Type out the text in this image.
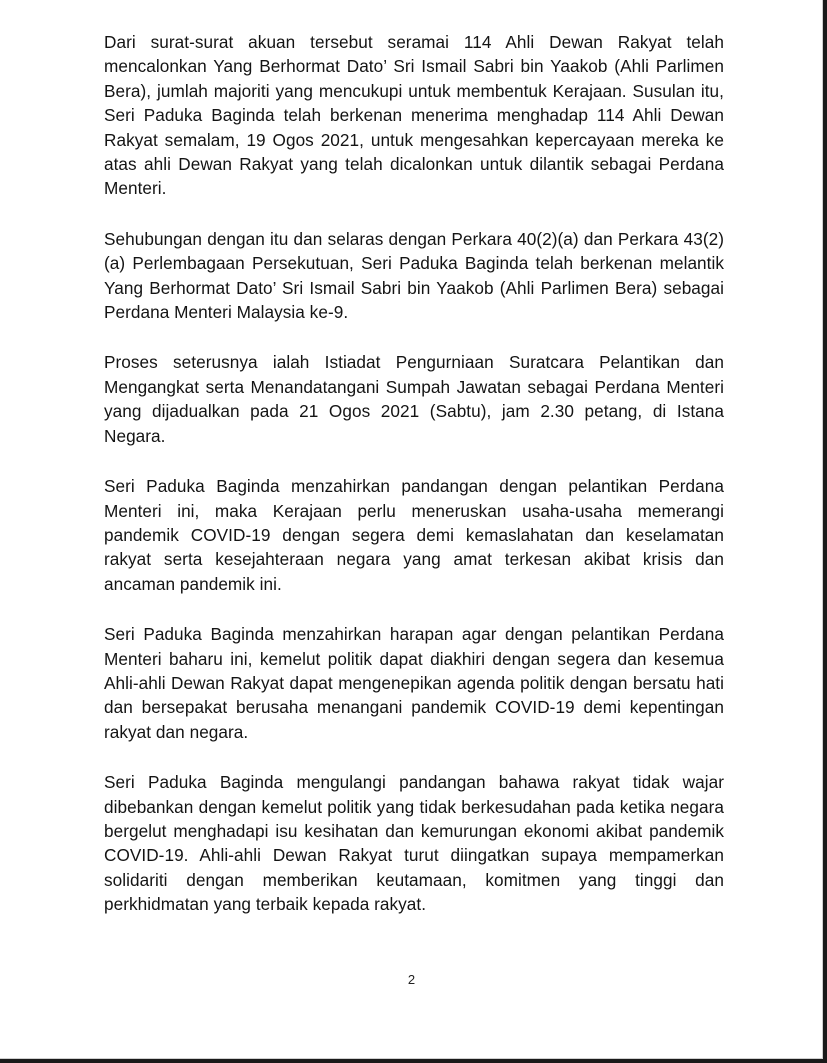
Dari surat-surat akuan tersebut seramai 114 Ahli Dewan Rakyat telah mencalonkan Yang Berhormat Dato’ Sri Ismail Sabri bin Yaakob (Ahli Parlimen Bera), jumlah majoriti yang mencukupi untuk membentuk Kerajaan. Susulan itu, Seri Paduka Baginda telah berkenan menerima menghadap 114 Ahli Dewan Rakyat semalam, 19 Ogos 2021, untuk mengesahkan kepercayaan mereka ke atas ahli Dewan Rakyat yang telah dicalonkan untuk dilantik sebagai Perdana Menteri.

Sehubungan dengan itu dan selaras dengan Perkara 40(2)(a) dan Perkara 43(2)(a) Perlembagaan Persekutuan, Seri Paduka Baginda telah berkenan melantik Yang Berhormat Dato’ Sri Ismail Sabri bin Yaakob (Ahli Parlimen Bera) sebagai Perdana Menteri Malaysia ke-9.

Proses seterusnya ialah Istiadat Pengurniaan Suratcara Pelantikan dan Mengangkat serta Menandatangani Sumpah Jawatan sebagai Perdana Menteri yang dijadualkan pada 21 Ogos 2021 (Sabtu), jam 2.30 petang, di Istana Negara.

Seri Paduka Baginda menzahirkan pandangan dengan pelantikan Perdana Menteri ini, maka Kerajaan perlu meneruskan usaha-usaha memerangi pandemik COVID-19 dengan segera demi kemaslahatan dan keselamatan rakyat serta kesejahteraan negara yang amat terkesan akibat krisis dan ancaman pandemik ini.

Seri Paduka Baginda menzahirkan harapan agar dengan pelantikan Perdana Menteri baharu ini, kemelut politik dapat diakhiri dengan segera dan kesemua Ahli-ahli Dewan Rakyat dapat mengenepikan agenda politik dengan bersatu hati dan bersepakat berusaha menangani pandemik COVID-19 demi kepentingan rakyat dan negara.

Seri Paduka Baginda mengulangi pandangan bahawa rakyat tidak wajar dibebankan dengan kemelut politik yang tidak berkesudahan pada ketika negara bergelut menghadapi isu kesihatan dan kemurungan ekonomi akibat pandemik COVID-19. Ahli-ahli Dewan Rakyat turut diingatkan supaya mempamerkan solidariti dengan memberikan keutamaan, komitmen yang tinggi dan perkhidmatan yang terbaik kepada rakyat.

2
